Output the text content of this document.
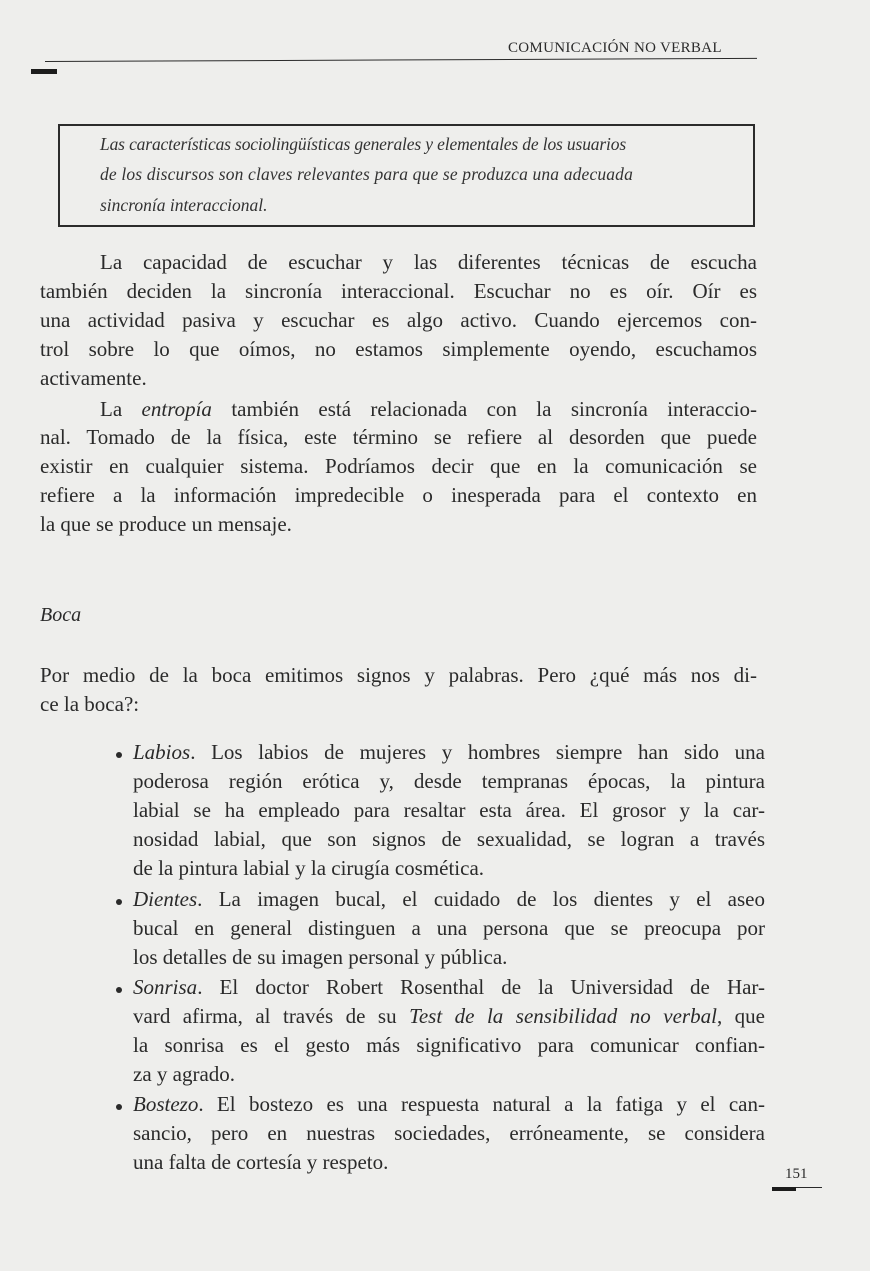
COMUNICACIÓN NO VERBAL
Las características sociolingüísticas generales y elementales de los usuarios
de los discursos son claves relevantes para que se produzca una adecuada
sincronía interaccional.
La capacidad de escuchar y las diferentes técnicas de escucha
también deciden la sincronía interaccional. Escuchar no es oír. Oír es
una actividad pasiva y escuchar es algo activo. Cuando ejercemos con-
trol sobre lo que oímos, no estamos simplemente oyendo, escuchamos
activamente.
La entropía también está relacionada con la sincronía interaccio-
nal. Tomado de la física, este término se refiere al desorden que puede
existir en cualquier sistema. Podríamos decir que en la comunicación se
refiere a la información impredecible o inesperada para el contexto en
la que se produce un mensaje.
Boca
Por medio de la boca emitimos signos y palabras. Pero ¿qué más nos di-
ce la boca?:
Labios. Los labios de mujeres y hombres siempre han sido una
poderosa región erótica y, desde tempranas épocas, la pintura
labial se ha empleado para resaltar esta área. El grosor y la car-
nosidad labial, que son signos de sexualidad, se logran a través
de la pintura labial y la cirugía cosmética.
Dientes. La imagen bucal, el cuidado de los dientes y el aseo
bucal en general distinguen a una persona que se preocupa por
los detalles de su imagen personal y pública.
Sonrisa. El doctor Robert Rosenthal de la Universidad de Har-
vard afirma, al través de su Test de la sensibilidad no verbal, que
la sonrisa es el gesto más significativo para comunicar confian-
za y agrado.
Bostezo. El bostezo es una respuesta natural a la fatiga y el can-
sancio, pero en nuestras sociedades, erróneamente, se considera
una falta de cortesía y respeto.	151
